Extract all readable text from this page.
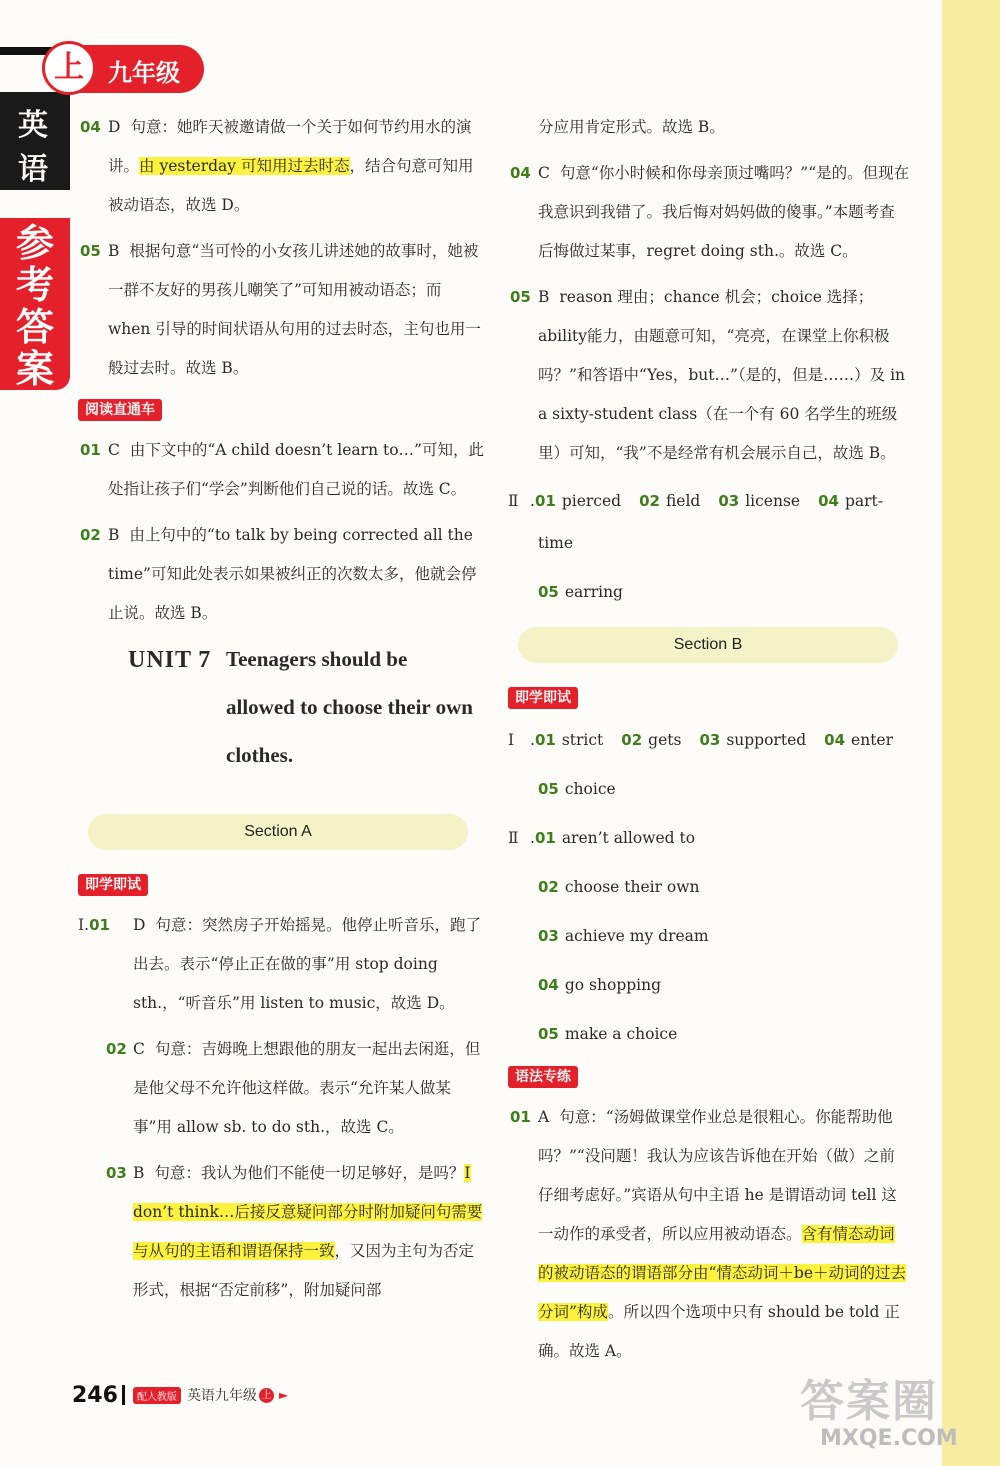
英
语
参
考
答
案
上	九年级
04 D 句意：她昨天被邀请做一个关于如何节约用水的演讲。由 yesterday 可知用过去时态，结合句意可知用被动语态，故选 D。
05 B 根据句意“当可怜的小女孩儿讲述她的故事时，她被一群不友好的男孩儿嘲笑了”可知用被动语态；而 when 引导的时间状语从句用的过去时态，主句也用一般过去时。故选 B。
阅读直通车
01 C 由下文中的“A child doesn’t learn to…”可知，此处指让孩子们“学会”判断他们自己说的话。故选 C。
02 B 由上句中的“to talk by being corrected all the time”可知此处表示如果被纠正的次数太多，他就会停止说。故选 B。
UNIT 7 Teenagers should be allowed to choose their own clothes.
Section A
即学即试
Ⅰ.01 D 句意：突然房子开始摇晃。他停止听音乐，跑了出去。表示“停止正在做的事”用 stop doing sth.，“听音乐”用 listen to music，故选 D。
02 C 句意：吉姆晚上想跟他的朋友一起出去闲逛，但是他父母不允许他这样做。表示“允许某人做某事”用 allow sb. to do sth.，故选 C。
03 B 句意：我认为他们不能使一切足够好，是吗？I don’t think…后接反意疑问部分时附加疑问句需要与从句的主语和谓语保持一致，又因为主句为否定形式，根据“否定前移”，附加疑问部
分应用肯定形式。故选 B。
04 C 句意“你小时候和你母亲顶过嘴吗？”“是的。但现在我意识到我错了。我后悔对妈妈做的傻事。”本题考查后悔做过某事，regret doing sth.。故选 C。
05 B reason 理由；chance 机会；choice 选择；ability能力，由题意可知，“亮亮，在课堂上你积极吗？”和答语中“Yes，but…”（是的，但是……）及 in a sixty-student class（在一个有 60 名学生的班级里）可知，“我”不是经常有机会展示自己，故选 B。
Ⅱ .01 pierced 02 field 03 license 04 part-time
05 earring
Section B
即学即试
Ⅰ .01 strict 02 gets 03 supported 04 enter
05 choice
Ⅱ .01 aren’t allowed to
02 choose their own
03 achieve my dream
04 go shopping
05 make a choice
语法专练
01 A 句意：“汤姆做课堂作业总是很粗心。你能帮助他吗？”“没问题！我认为应该告诉他在开始（做）之前仔细考虑好。”宾语从句中主语 he 是谓语动词 tell 这一动作的承受者，所以应用被动语态。含有情态动词的被动语态的谓语部分由“情态动词＋be＋动词的过去分词”构成。所以四个选项中只有 should be told 正确。故选 A。
246	配人教版 英语九年级 上 ►	答案圈
MXQE.COM
